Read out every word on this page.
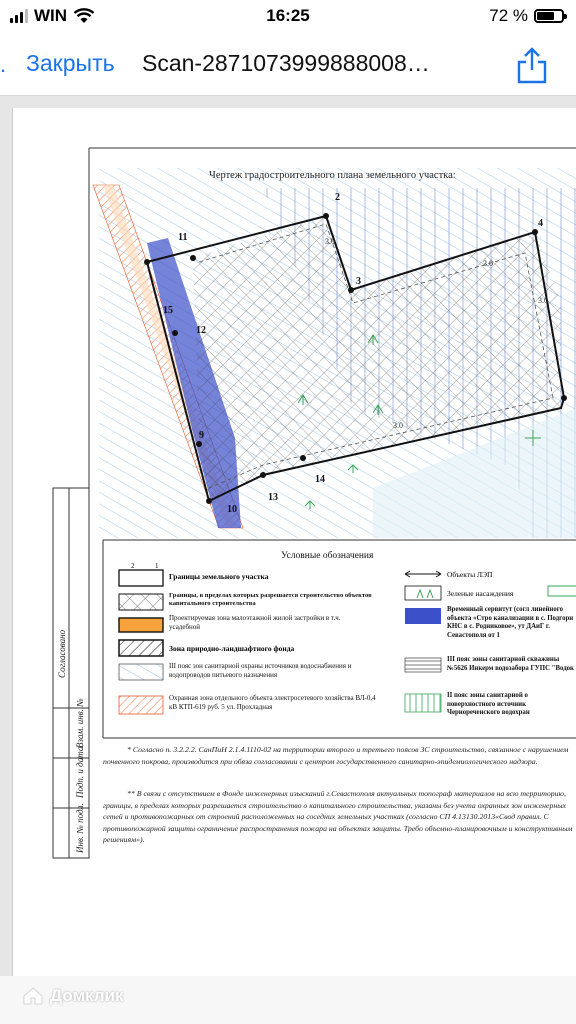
WIN	16:25	72 %
. Закрыть Scan-2871073999888008…
11
2
3
4
12
15
9
13
14
10
3.0
3.0
3.0
3.0
Согласовано
Взам. инв. №
Подп. и дата
Инв. № подл.
Условные обозначения
2	1
Границы земельного участка
Границы, в пределах которых разрешается строительство объектов капитального строительства
Проектируемая зона малоэтажной жилой застройки в т.ч. усадебной
Зона природно-ландшафтного фонда
III пояс зон санитарной охраны источников водоснабжения и водопроводов питьевого назначения
Охранная зона отдельного объекта электросетевого хозяйства ВЛ-0,4 кВ КТП-619 руб. 5 ул. Прохладная
Объекты ЛЭП
Зеленые насаждения
Временный сервитут (согл линейного объекта «Стро канализации в с. Подгорн КНС в с. Родниковое», ут ДАиГ г. Севастополя от 1
III пояс зоны санитарной скважины №5626 Инкерм водозабора ГУПС "Водок
II пояс зоны санитарной о поверхностного источник Чернореченского водохран
* Согласно п. 3.2.2.2. СанПиН 2.1.4.1110-02 на территории второго и третьего поясов ЗС строительство, связанное с нарушением почвенного покрова, производится при обяза согласовании с центром государственного санитарно-эпидемиологического надзора.
** В связи с отсутствием в Фонде инженерных изысканий г.Севастополя актуальных топограф материалов на всю территорию, границы, в пределах которых разрешается строительство о капитального строительства, указаны без учета охранных зон инженерных сетей и противопожарных от строений расположенных на соседних земельных участках (согласно СП 4.13130.2013«Свод правил. С противопожарной защиты ограничение распространения пожара на объектах защиты. Требо объемно-планировочным и конструктивным решениям»).
Домклик
